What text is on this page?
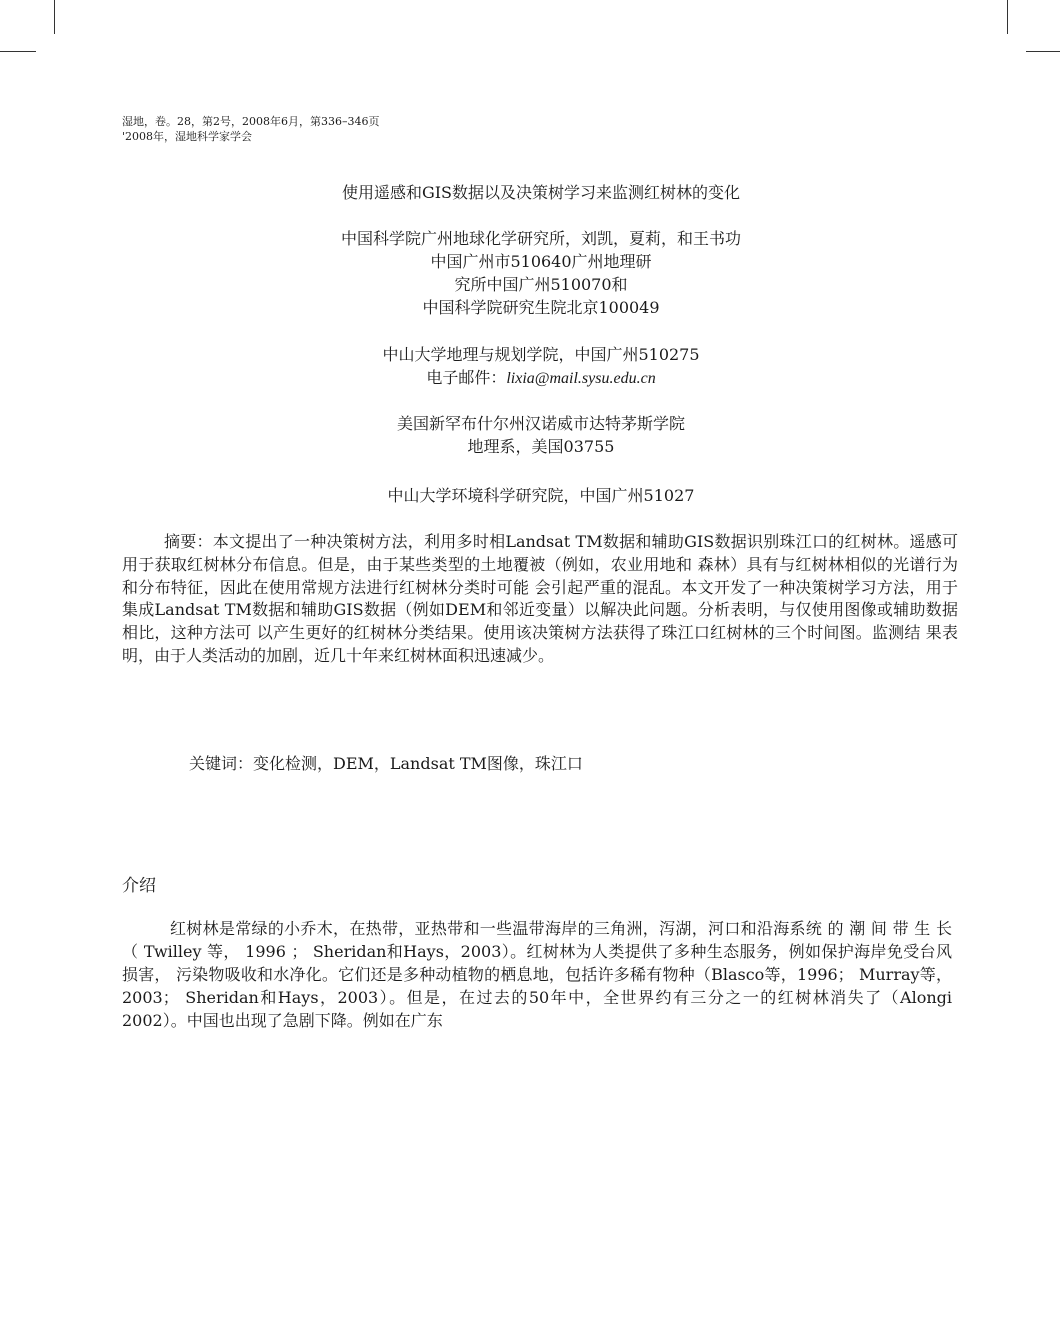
湿地，卷。28，第2号，2008年6月，第336–346页
'2008年，湿地科学家学会
使用遥感和GIS数据以及决策树学习来监测红树林的变化
中国科学院广州地球化学研究所，刘凯，夏莉，和王书功
中国广州市510640广州地理研
究所中国广州510070和
中国科学院研究生院北京100049
中山大学地理与规划学院，中国广州510275
电子邮件：lixia@mail.sysu.edu.cn
美国新罕布什尔州汉诺威市达特茅斯学院
地理系，美国03755
中山大学环境科学研究院，中国广州51027
摘要：本文提出了一种决策树方法，利用多时相Landsat TM数据和辅助GIS数据识别珠江口的红树林。遥感可用于获取红树林分布信息。但是，由于某些类型的土地覆被（例如，农业用地和 森林）具有与红树林相似的光谱行为和分布特征，因此在使用常规方法进行红树林分类时可能 会引起严重的混乱。本文开发了一种决策树学习方法，用于集成Landsat TM数据和辅助GIS数据（例如DEM和邻近变量）以解决此问题。分析表明，与仅使用图像或辅助数据相比，这种方法可 以产生更好的红树林分类结果。使用该决策树方法获得了珠江口红树林的三个时间图。监测结 果表明，由于人类活动的加剧，近几十年来红树林面积迅速减少。
关键词：变化检测，DEM，Landsat TM图像，珠江口
介绍
红树林是常绿的小乔木，在热带，亚热带和一些温带海岸的三角洲，泻湖，河口和沿海系统 的 潮 间 带 生 长 （ Twilley 等， 1996 ； Sheridan和Hays，2003）。红树林为人类提供了多种生态服务，例如保护海岸免受台风损害， 污染物吸收和水净化。它们还是多种动植物的栖息地，包括许多稀有物种（Blasco等，1996； Murray等，2003； Sheridan和Hays，2003）。但是，在过去的50年中，全世界约有三分之一的红树林消失了（Alongi 2002）。中国也出现了急剧下降。例如在广东
